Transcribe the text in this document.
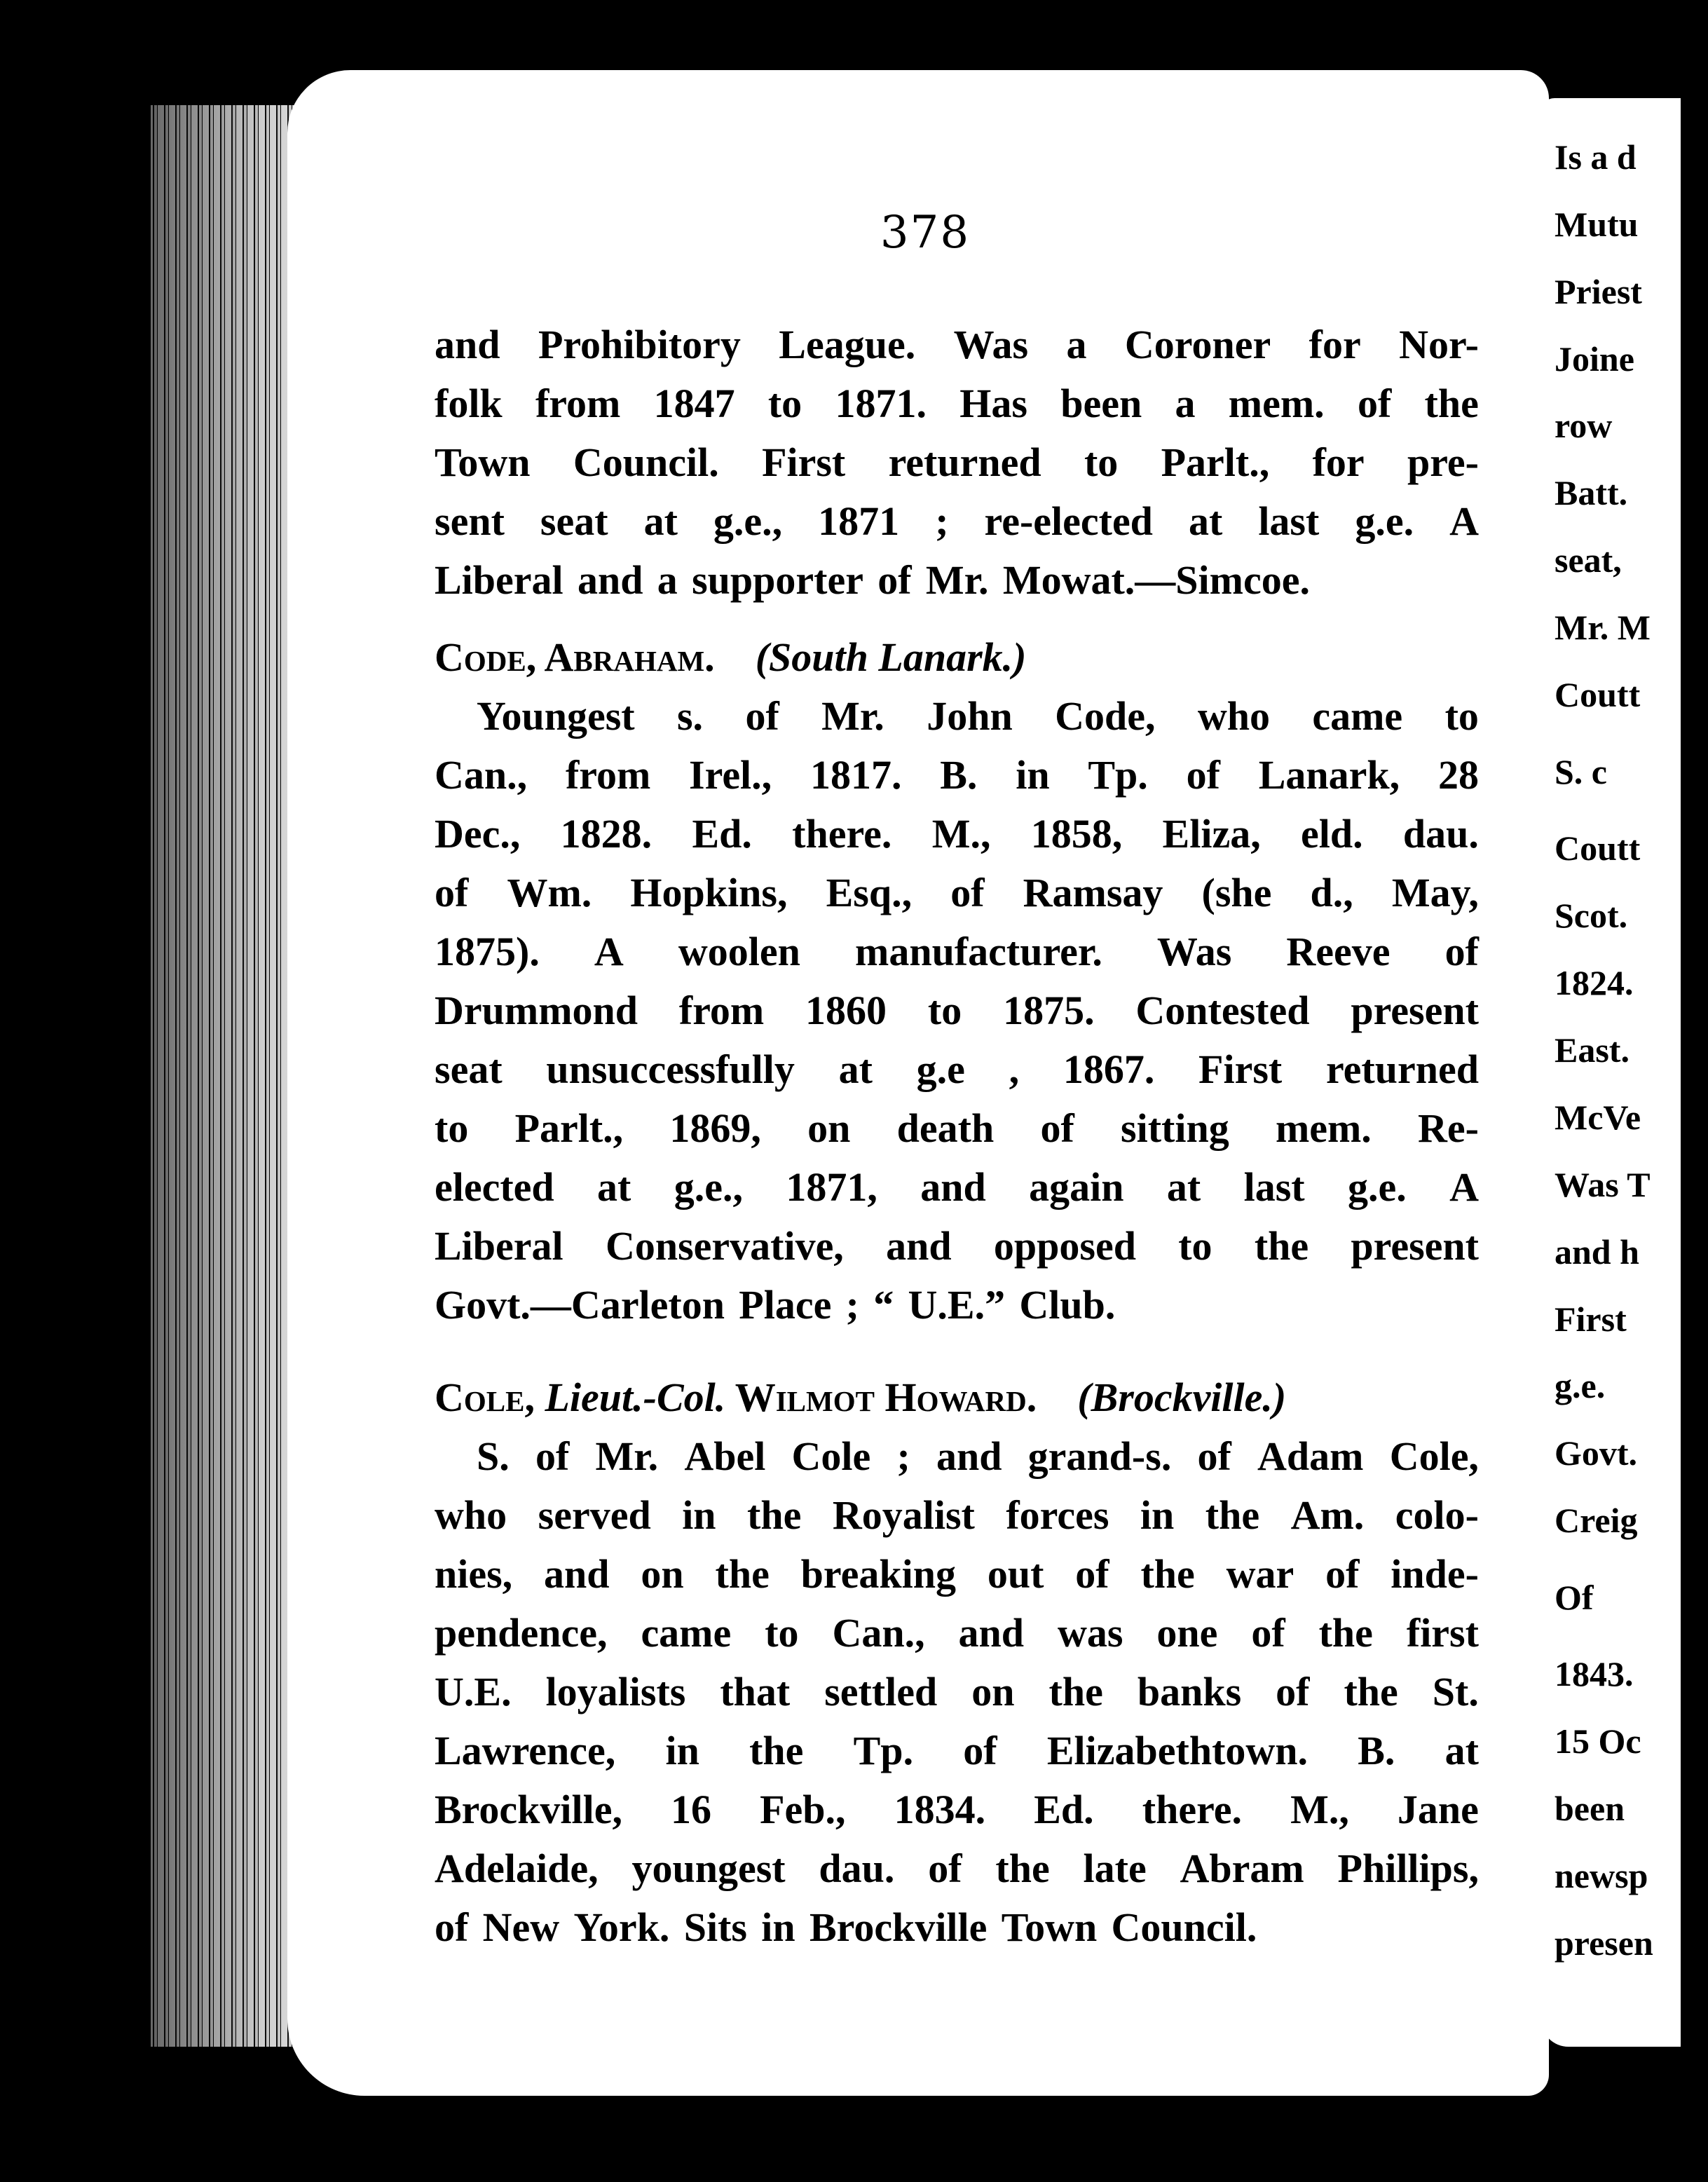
378
and Prohibitory League. Was a Coroner for Nor-
folk from 1847 to 1871. Has been a mem. of the
Town Council. First returned to Parlt., for pre-
sent seat at g.e., 1871 ; re-elected at last g.e. A
Liberal and a supporter of Mr. Mowat.—Simcoe.
Code, Abraham. (South Lanark.)
Youngest s. of Mr. John Code, who came to
Can., from Irel., 1817. B. in Tp. of Lanark, 28
Dec., 1828. Ed. there. M., 1858, Eliza, eld. dau.
of Wm. Hopkins, Esq., of Ramsay (she d., May,
1875). A woolen manufacturer. Was Reeve of
Drummond from 1860 to 1875. Contested present
seat unsuccessfully at g.e , 1867. First returned
to Parlt., 1869, on death of sitting mem. Re-
elected at g.e., 1871, and again at last g.e. A
Liberal Conservative, and opposed to the present
Govt.—Carleton Place ; “ U.E.” Club.
Cole, Lieut.-Col. Wilmot Howard. (Brockville.)
S. of Mr. Abel Cole ; and grand-s. of Adam Cole,
who served in the Royalist forces in the Am. colo-
nies, and on the breaking out of the war of inde-
pendence, came to Can., and was one of the first
U.E. loyalists that settled on the banks of the St.
Lawrence, in the Tp. of Elizabethtown. B. at
Brockville, 16 Feb., 1834. Ed. there. M., Jane
Adelaide, youngest dau. of the late Abram Phillips,
of New York. Sits in Brockville Town Council.
Is a d
Mutu
Priest
Joine
row
Batt.
seat,
Mr. M
Coutt
S. c
Coutt
Scot.
1824.
East.
McVe
Was T
and h
First
g.e.
Govt.
Creig
Of
1843.
15 Oc
been
newsp
presen
